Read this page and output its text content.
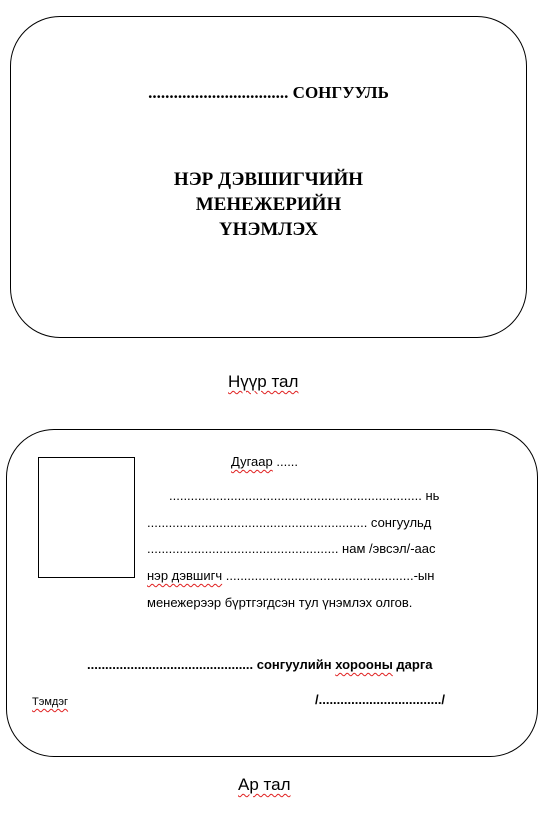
................................. СОНГУУЛЬ
НЭР ДЭВШИГЧИЙН
МЕНЕЖЕРИЙН
ҮНЭМЛЭХ
Нүүр тал
Дугаар ......
...................................................................... нь
............................................................. сонгуульд
..................................................... нам /эвсэл/-аас
нэр дэвшигч ....................................................-ын
менежерээр бүртгэгдсэн тул үнэмлэх олгов.
.............................................. сонгуулийн хорооны дарга
Тэмдэг	/................................../
Ар тал
